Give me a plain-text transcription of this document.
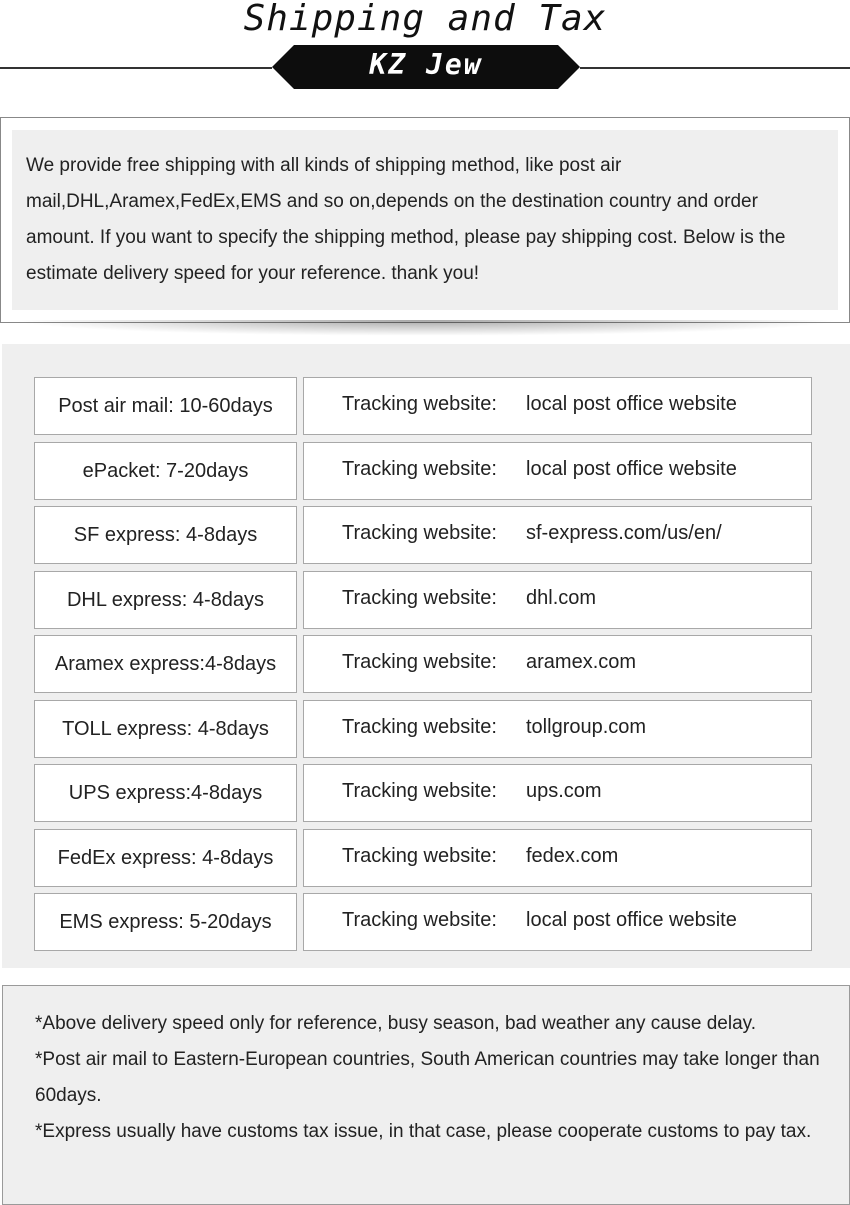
Shipping and Tax
KZ Jew
We provide free shipping with all kinds of shipping method, like post air mail,DHL,Aramex,FedEx,EMS and so on,depends on the destination country and order amount. If you want to specify the shipping method, please pay shipping cost. Below is the estimate delivery speed for your reference. thank you!
Post air mail: 10-60days	Tracking website: local post office website
ePacket: 7-20days	Tracking website: local post office website
SF express: 4-8days	Tracking website: sf-express.com/us/en/
DHL express: 4-8days	Tracking website: dhl.com
Aramex express:4-8days	Tracking website: aramex.com
TOLL express: 4-8days	Tracking website: tollgroup.com
UPS express:4-8days	Tracking website: ups.com
FedEx express: 4-8days	Tracking website: fedex.com
EMS express: 5-20days	Tracking website: local post office website

*Above delivery speed only for reference, busy season, bad weather any cause delay.

*Post air mail to Eastern-European countries, South American countries may take longer than 60days.

*Express usually have customs tax issue, in that case, please cooperate customs to pay tax.
